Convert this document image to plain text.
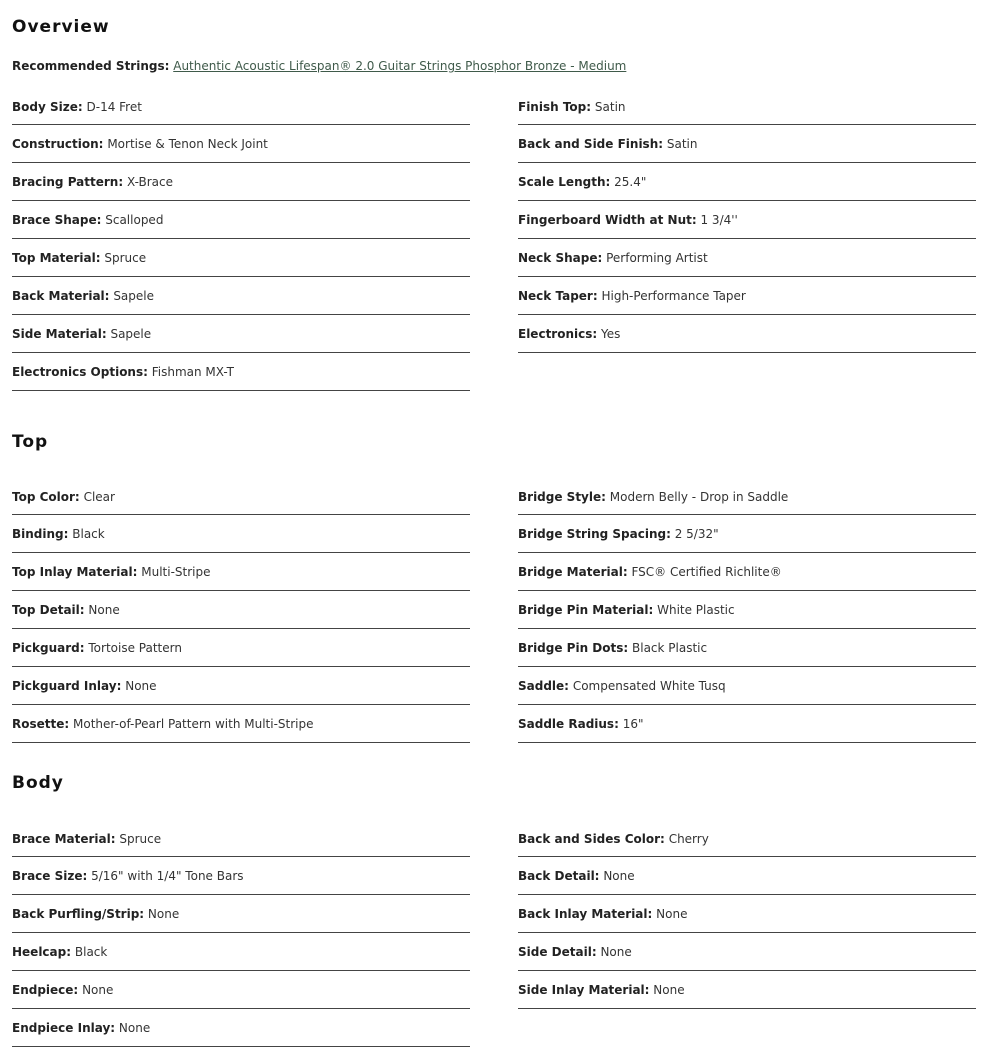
Overview
Recommended Strings: Authentic Acoustic Lifespan® 2.0 Guitar Strings Phosphor Bronze - Medium
Body Size: D-14 Fret
Construction: Mortise & Tenon Neck Joint
Bracing Pattern: X-Brace
Brace Shape: Scalloped
Top Material: Spruce
Back Material: Sapele
Side Material: Sapele
Electronics Options: Fishman MX-T
Finish Top: Satin
Back and Side Finish: Satin
Scale Length: 25.4"
Fingerboard Width at Nut: 1 3/4''
Neck Shape: Performing Artist
Neck Taper: High-Performance Taper
Electronics: Yes
Top
Top Color: Clear
Binding: Black
Top Inlay Material: Multi-Stripe
Top Detail: None
Pickguard: Tortoise Pattern
Pickguard Inlay: None
Rosette: Mother-of-Pearl Pattern with Multi-Stripe
Bridge Style: Modern Belly - Drop in Saddle
Bridge String Spacing: 2 5/32"
Bridge Material: FSC® Certified Richlite®
Bridge Pin Material: White Plastic
Bridge Pin Dots: Black Plastic
Saddle: Compensated White Tusq
Saddle Radius: 16"
Body
Brace Material: Spruce
Brace Size: 5/16" with 1/4" Tone Bars
Back Purfling/Strip: None
Heelcap: Black
Endpiece: None
Endpiece Inlay: None
Back and Sides Color: Cherry
Back Detail: None
Back Inlay Material: None
Side Detail: None
Side Inlay Material: None
